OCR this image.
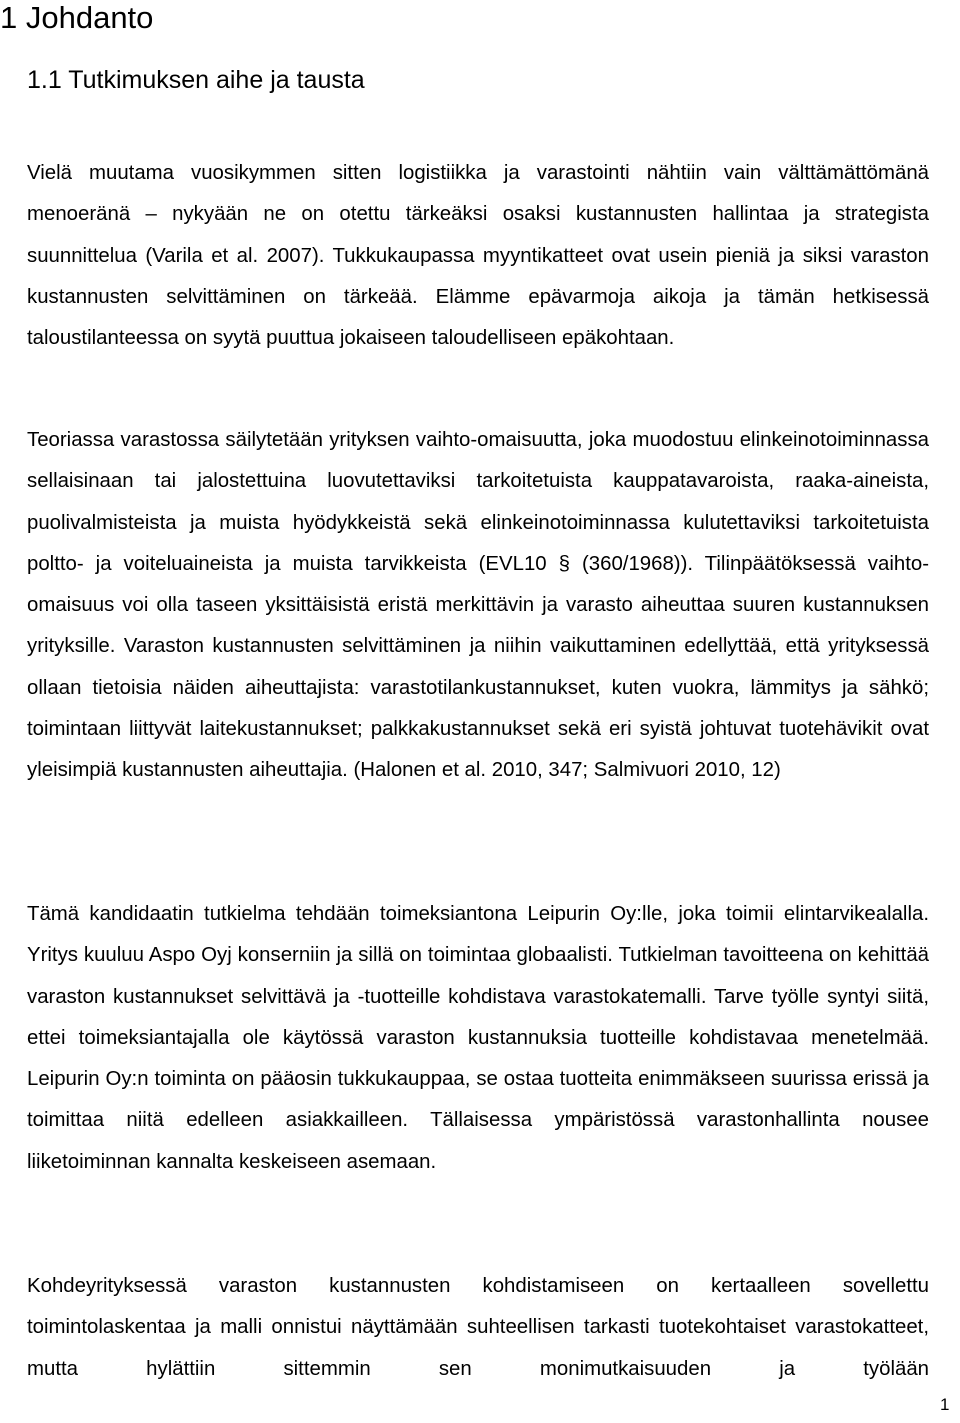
1 Johdanto
1.1 Tutkimuksen aihe ja tausta

Vielä muutama vuosikymmen sitten logistiikka ja varastointi nähtiin vain välttämättömänä menoeränä – nykyään ne on otettu tärkeäksi osaksi kustannusten hallintaa ja strategista suunnittelua (Varila et al. 2007). Tukkukaupassa myyntikatteet ovat usein pieniä ja siksi varaston kustannusten selvittäminen on tärkeää. Elämme epävarmoja aikoja ja tämän hetkisessä taloustilanteessa on syytä puuttua jokaiseen taloudelliseen epäkohtaan.

Teoriassa varastossa säilytetään yrityksen vaihto-omaisuutta, joka muodostuu elinkeinotoiminnassa sellaisinaan tai jalostettuina luovutettaviksi tarkoitetuista kauppatavaroista, raaka-aineista, puolivalmisteista ja muista hyödykkeistä sekä elinkeinotoiminnassa kulutettaviksi tarkoitetuista poltto- ja voiteluaineista ja muista tarvikkeista (EVL10 § (360/1968)). Tilinpäätöksessä vaihto-omaisuus voi olla taseen yksittäisistä eristä merkittävin ja varasto aiheuttaa suuren kustannuksen yrityksille. Varaston kustannusten selvittäminen ja niihin vaikuttaminen edellyttää, että yrityksessä ollaan tietoisia näiden aiheuttajista: varastotilankustannukset, kuten vuokra, lämmitys ja sähkö; toimintaan liittyvät laitekustannukset; palkkakustannukset sekä eri syistä johtuvat tuotehävikit ovat yleisimpiä kustannusten aiheuttajia. (Halonen et al. 2010, 347; Salmivuori 2010, 12)

Tämä kandidaatin tutkielma tehdään toimeksiantona Leipurin Oy:lle, joka toimii elintarvikealalla. Yritys kuuluu Aspo Oyj konserniin ja sillä on toimintaa globaalisti. Tutkielman tavoitteena on kehittää varaston kustannukset selvittävä ja -tuotteille kohdistava varastokatemalli. Tarve työlle syntyi siitä, ettei toimeksiantajalla ole käytössä varaston kustannuksia tuotteille kohdistavaa menetelmää. Leipurin Oy:n toiminta on pääosin tukkukauppaa, se ostaa tuotteita enimmäkseen suurissa erissä ja toimittaa niitä edelleen asiakkailleen. Tällaisessa ympäristössä varastonhallinta nousee liiketoiminnan kannalta keskeiseen asemaan.

Kohdeyrityksessä varaston kustannusten kohdistamiseen on kertaalleen sovellettu toimintolaskentaa ja malli onnistui näyttämään suhteellisen tarkasti tuotekohtaiset varastokatteet, mutta hylättiin sittemmin sen monimutkaisuuden ja työlään

1
